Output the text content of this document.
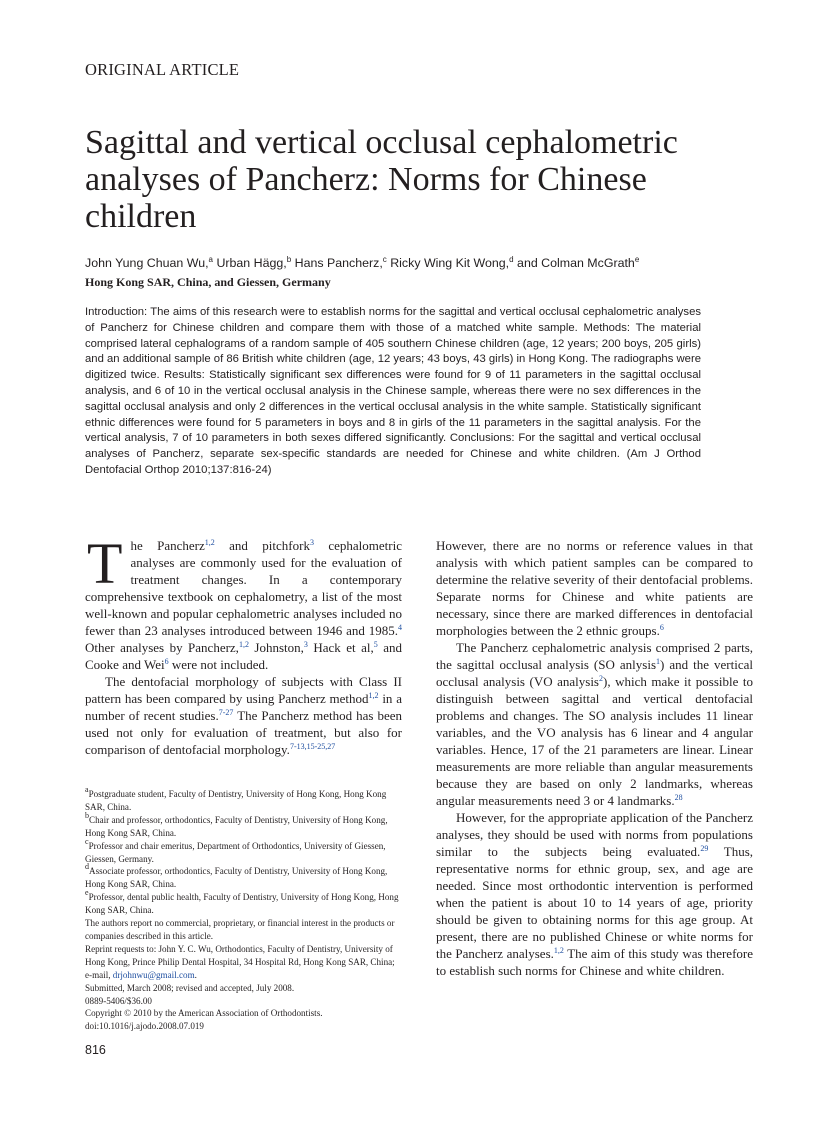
ORIGINAL ARTICLE
Sagittal and vertical occlusal cephalometric analyses of Pancherz: Norms for Chinese children
John Yung Chuan Wu,$^a$ Urban Hägg,$^b$ Hans Pancherz,$^c$ Ricky Wing Kit Wong,$^d$ and Colman McGrath$^e$
Hong Kong SAR, China, and Giessen, Germany
Introduction: The aims of this research were to establish norms for the sagittal and vertical occlusal cephalometric analyses of Pancherz for Chinese children and compare them with those of a matched white sample. Methods: The material comprised lateral cephalograms of a random sample of 405 southern Chinese children (age, 12 years; 200 boys, 205 girls) and an additional sample of 86 British white children (age, 12 years; 43 boys, 43 girls) in Hong Kong. The radiographs were digitized twice. Results: Statistically significant sex differences were found for 9 of 11 parameters in the sagittal occlusal analysis, and 6 of 10 in the vertical occlusal analysis in the Chinese sample, whereas there were no sex differences in the sagittal occlusal analysis and only 2 differences in the vertical occlusal analysis in the white sample. Statistically significant ethnic differences were found for 5 parameters in boys and 8 in girls of the 11 parameters in the sagittal analysis. For the vertical analysis, 7 of 10 parameters in both sexes differed significantly. Conclusions: For the sagittal and vertical occlusal analyses of Pancherz, separate sex-specific standards are needed for Chinese and white children. (Am J Orthod Dentofacial Orthop 2010;137:816-24)

The Pancherz$^{1,2}$ and pitchfork$^3$ cephalometric analyses are commonly used for the evaluation of treatment changes. In a contemporary comprehensive textbook on cephalometry, a list of the most well-known and popular cephalometric analyses included no fewer than 23 analyses introduced between 1946 and 1985.$^4$ Other analyses by Pancherz,$^{1,2}$ Johnston,$^3$ Hack et al,$^5$ and Cooke and Wei$^6$ were not included.

The dentofacial morphology of subjects with Class II pattern has been compared by using Pancherz method$^{1,2}$ in a number of recent studies.$^{7-27}$ The Pancherz method has been used not only for evaluation of treatment, but also for comparison of dentofacial morphology.$^{7-13,15-25,27}$

However, there are no norms or reference values in that analysis with which patient samples can be compared to determine the relative severity of their dentofacial problems. Separate norms for Chinese and white patients are necessary, since there are marked differences in dentofacial morphologies between the 2 ethnic groups.$^6$

The Pancherz cephalometric analysis comprised 2 parts, the sagittal occlusal analysis (SO anlysis$^1$) and the vertical occlusal analysis (VO analysis$^2$), which make it possible to distinguish between sagittal and vertical dentofacial problems and changes. The SO analysis includes 11 linear variables, and the VO analysis has 6 linear and 4 angular variables. Hence, 17 of the 21 parameters are linear. Linear measurements are more reliable than angular measurements because they are based on only 2 landmarks, whereas angular measurements need 3 or 4 landmarks.$^{28}$

However, for the appropriate application of the Pancherz analyses, they should be used with norms from populations similar to the subjects being evaluated.$^{29}$ Thus, representative norms for ethnic group, sex, and age are needed. Since most orthodontic intervention is performed when the patient is about 10 to 14 years of age, priority should be given to obtaining norms for this age group. At present, there are no published Chinese or white norms for the Pancherz analyses.$^{1,2}$ The aim of this study was therefore to establish such norms for Chinese and white children.

$^a$Postgraduate student, Faculty of Dentistry, University of Hong Kong, Hong Kong SAR, China.
$^b$Chair and professor, orthodontics, Faculty of Dentistry, University of Hong Kong, Hong Kong SAR, China.
$^c$Professor and chair emeritus, Department of Orthodontics, University of Giessen, Giessen, Germany.
$^d$Associate professor, orthodontics, Faculty of Dentistry, University of Hong Kong, Hong Kong SAR, China.
$^e$Professor, dental public health, Faculty of Dentistry, University of Hong Kong, Hong Kong SAR, China.
The authors report no commercial, proprietary, or financial interest in the products or companies described in this article.
Reprint requests to: John Y. C. Wu, Orthodontics, Faculty of Dentistry, University of Hong Kong, Prince Philip Dental Hospital, 34 Hospital Rd, Hong Kong SAR, China; e-mail, drjohnwu@gmail.com.
Submitted, March 2008; revised and accepted, July 2008.
0889-5406/$36.00
Copyright © 2010 by the American Association of Orthodontists.
doi:10.1016/j.ajodo.2008.07.019
816
